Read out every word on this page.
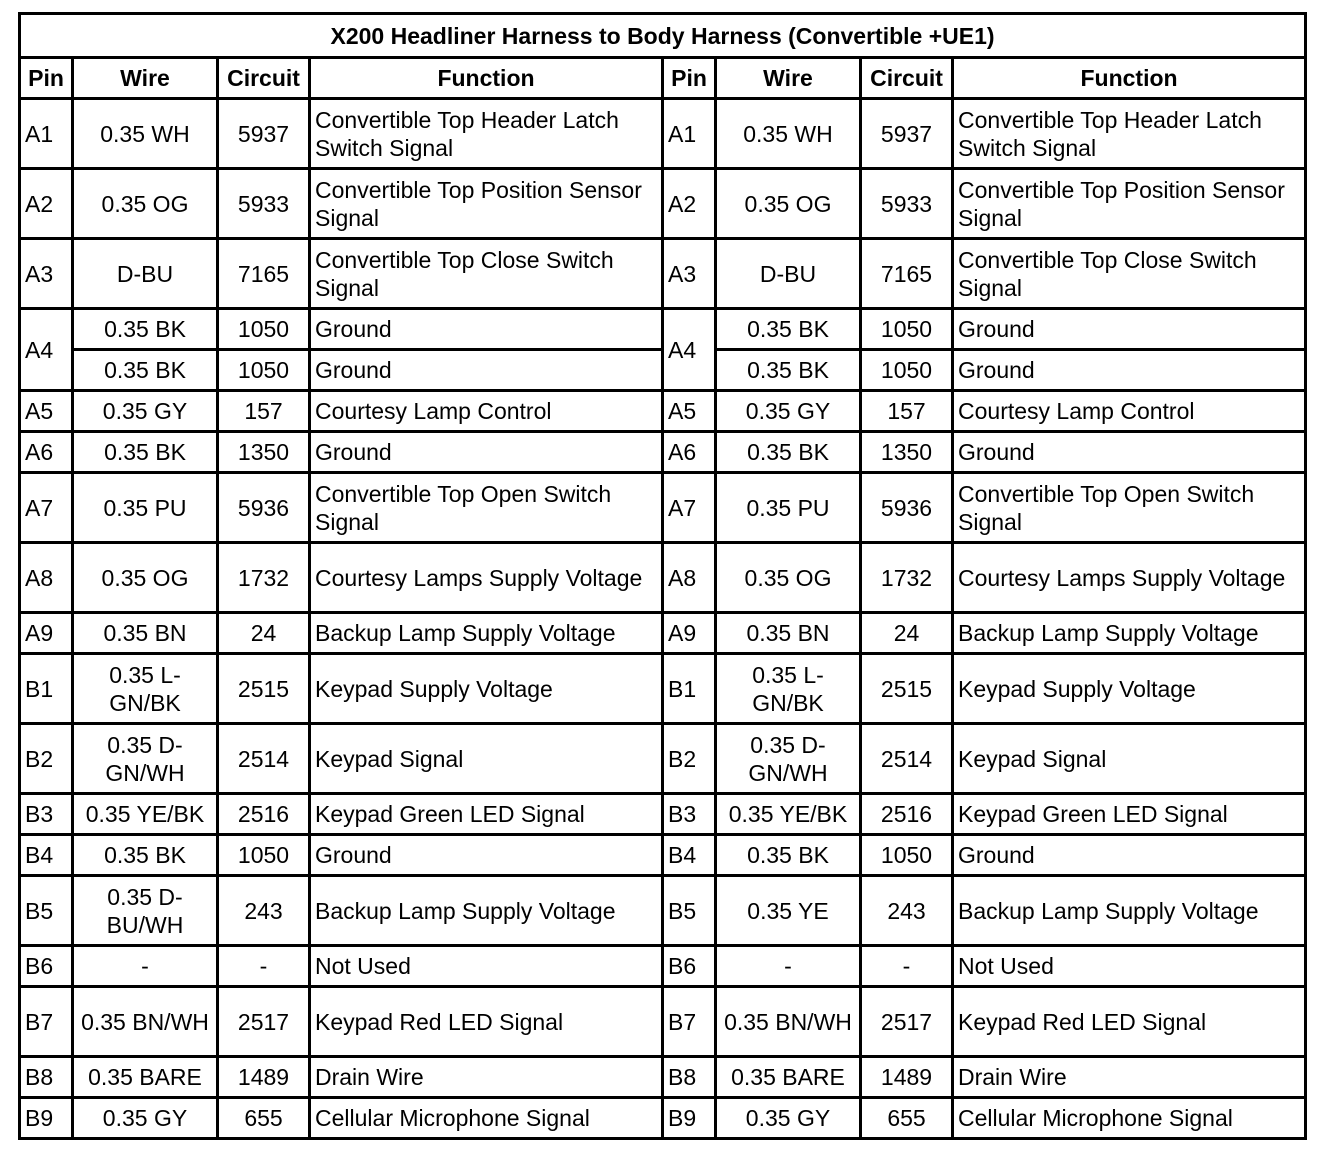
X200 Headliner Harness to Body Harness (Convertible +UE1)							
Pin	Wire	Circuit	Function	Pin	Wire	Circuit	Function
A1	0.35 WH	5937	Convertible Top Header Latch Switch Signal	A1	0.35 WH	5937	Convertible Top Header Latch Switch Signal
A2	0.35 OG	5933	Convertible Top Position Sensor Signal	A2	0.35 OG	5933	Convertible Top Position Sensor Signal
A3	D-BU	7165	Convertible Top Close Switch Signal	A3	D-BU	7165	Convertible Top Close Switch Signal
A4	0.35 BK	1050	Ground	A4	0.35 BK	1050	Ground
	0.35 BK	1050	Ground		0.35 BK	1050	Ground
A5	0.35 GY	157	Courtesy Lamp Control	A5	0.35 GY	157	Courtesy Lamp Control
A6	0.35 BK	1350	Ground	A6	0.35 BK	1350	Ground
A7	0.35 PU	5936	Convertible Top Open Switch Signal	A7	0.35 PU	5936	Convertible Top Open Switch Signal
A8	0.35 OG	1732	Courtesy Lamps Supply Voltage	A8	0.35 OG	1732	Courtesy Lamps Supply Voltage
A9	0.35 BN	24	Backup Lamp Supply Voltage	A9	0.35 BN	24	Backup Lamp Supply Voltage
B1	0.35 L-GN/BK	2515	Keypad Supply Voltage	B1	0.35 L-GN/BK	2515	Keypad Supply Voltage
B2	0.35 D-GN/WH	2514	Keypad Signal	B2	0.35 D-GN/WH	2514	Keypad Signal
B3	0.35 YE/BK	2516	Keypad Green LED Signal	B3	0.35 YE/BK	2516	Keypad Green LED Signal
B4	0.35 BK	1050	Ground	B4	0.35 BK	1050	Ground
B5	0.35 D-BU/WH	243	Backup Lamp Supply Voltage	B5	0.35 YE	243	Backup Lamp Supply Voltage
B6	-	-	Not Used	B6	-	-	Not Used
B7	0.35 BN/WH	2517	Keypad Red LED Signal	B7	0.35 BN/WH	2517	Keypad Red LED Signal
B8	0.35 BARE	1489	Drain Wire	B8	0.35 BARE	1489	Drain Wire
B9	0.35 GY	655	Cellular Microphone Signal	B9	0.35 GY	655	Cellular Microphone Signal
